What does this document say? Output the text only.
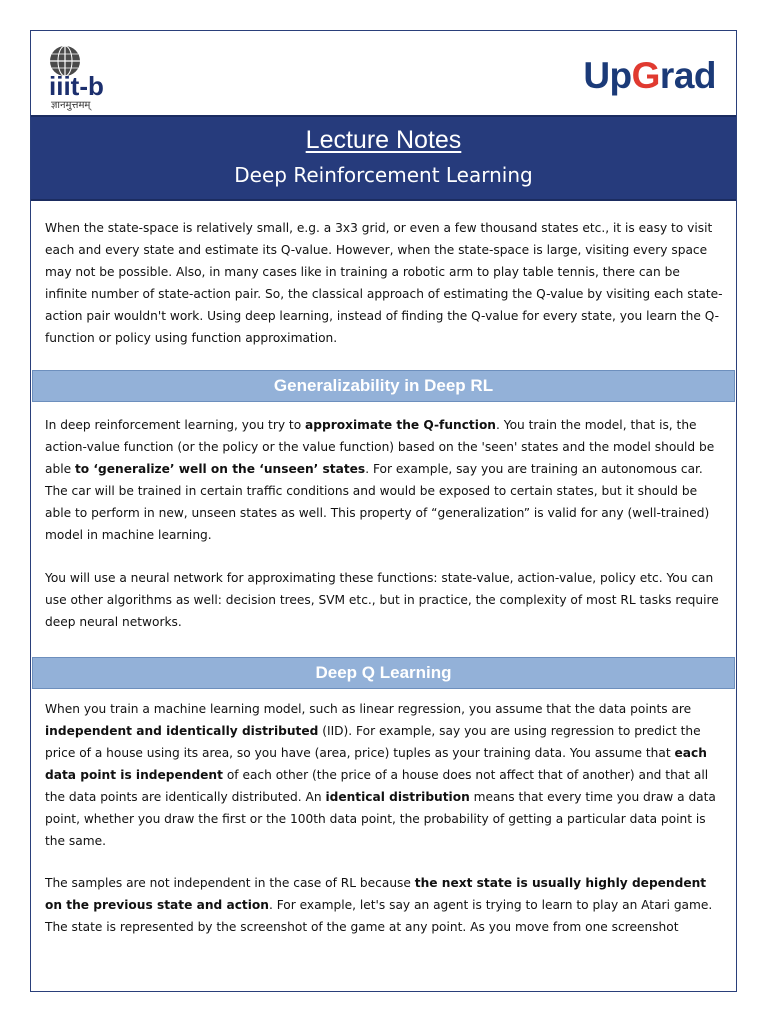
iiit-b
ज्ञानमुत्तमम्
UpGrad
Lecture Notes
Deep Reinforcement Learning

When the state-space is relatively small, e.g. a 3x3 grid, or even a few thousand states etc., it is easy to visit each and every state and estimate its Q-value. However, when the state-space is large, visiting every space may not be possible. Also, in many cases like in training a robotic arm to play table tennis, there can be infinite number of state-action pair. So, the classical approach of estimating the Q-value by visiting each state-action pair wouldn't work. Using deep learning, instead of finding the Q-value for every state, you learn the Q-function or policy using function approximation.

Generalizability in Deep RL

In deep reinforcement learning, you try to approximate the Q-function. You train the model, that is, the action-value function (or the policy or the value function) based on the 'seen' states and the model should be able to ‘generalize’ well on the ‘unseen’ states. For example, say you are training an autonomous car. The car will be trained in certain traffic conditions and would be exposed to certain states, but it should be able to perform in new, unseen states as well. This property of “generalization” is valid for any (well-trained) model in machine learning.

You will use a neural network for approximating these functions: state-value, action-value, policy etc. You can use other algorithms as well: decision trees, SVM etc., but in practice, the complexity of most RL tasks require deep neural networks.

Deep Q Learning

When you train a machine learning model, such as linear regression, you assume that the data points are independent and identically distributed (IID). For example, say you are using regression to predict the price of a house using its area, so you have (area, price) tuples as your training data. You assume that each data point is independent of each other (the price of a house does not affect that of another) and that all the data points are identically distributed. An identical distribution means that every time you draw a data point, whether you draw the first or the 100th data point, the probability of getting a particular data point is the same.

The samples are not independent in the case of RL because the next state is usually highly dependent on the previous state and action. For example, let's say an agent is trying to learn to play an Atari game. The state is represented by the screenshot of the game at any point. As you move from one screenshot
